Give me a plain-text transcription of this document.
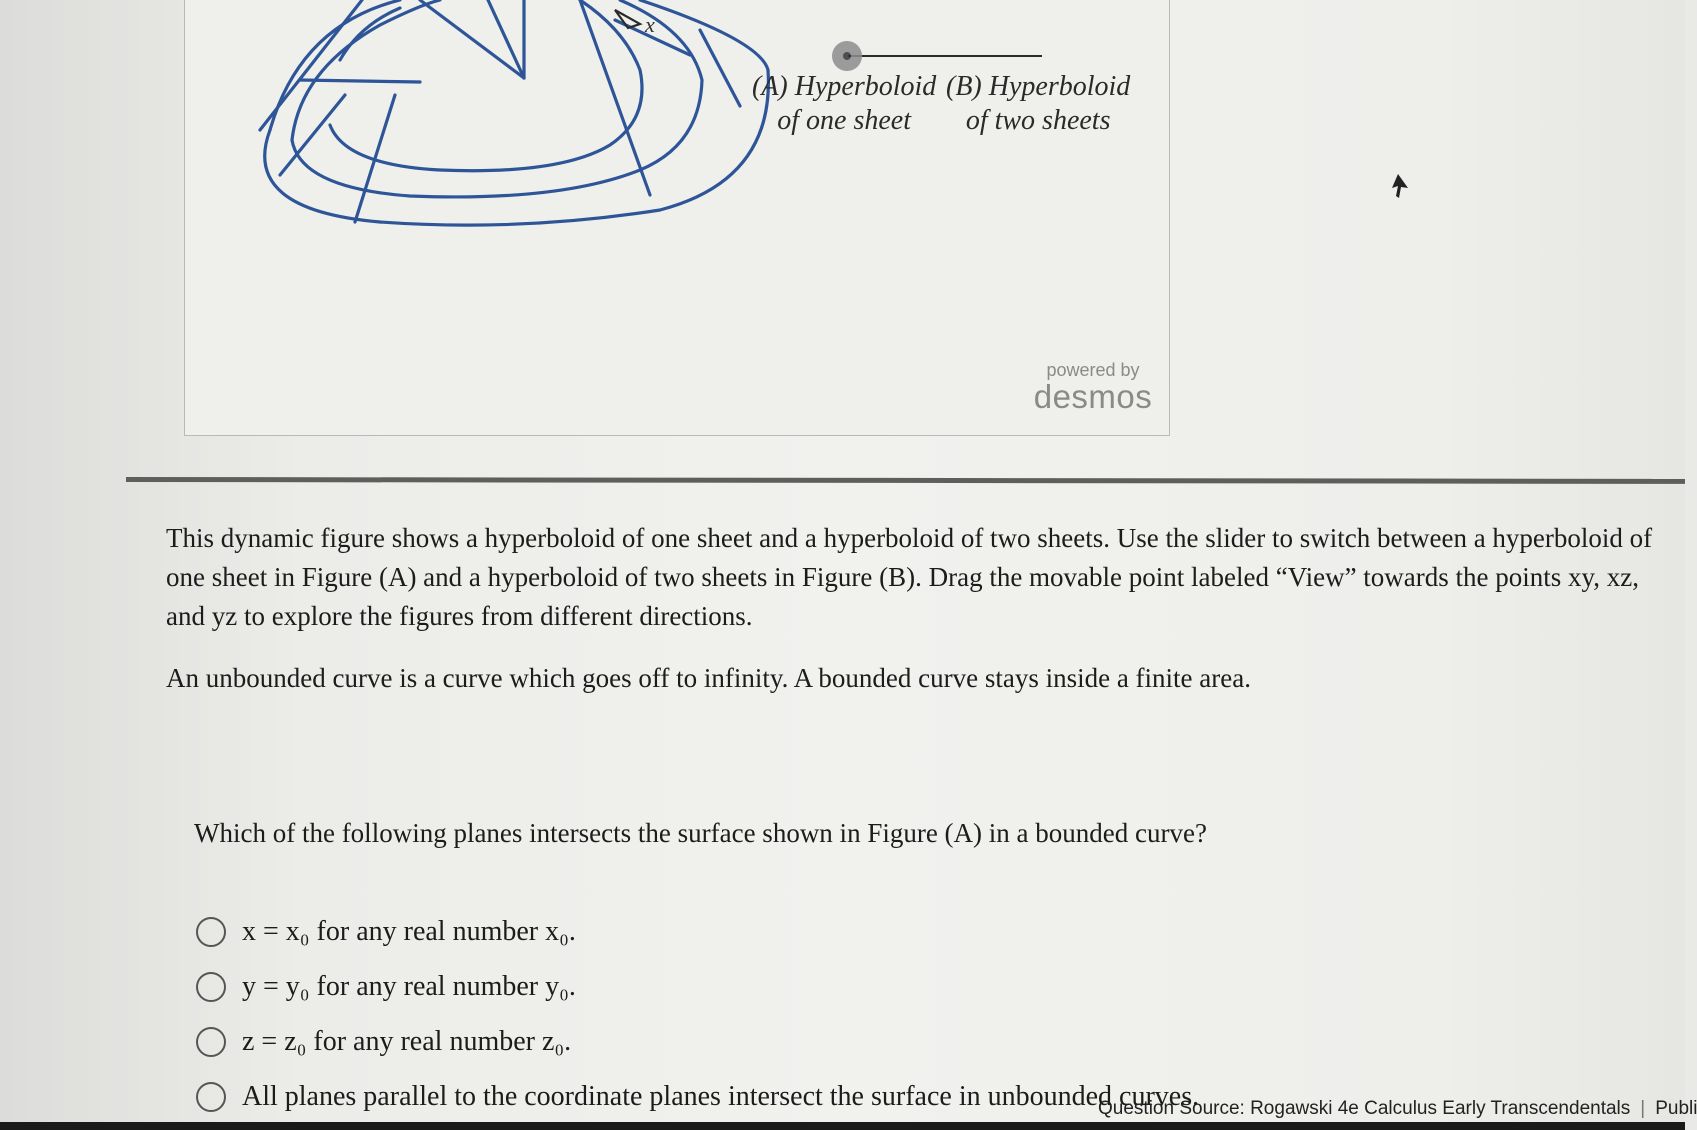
x
(A) Hyperboloid
of one sheet
(B) Hyperboloid
of two sheets
powered by
desmos

This dynamic figure shows a hyperboloid of one sheet and a hyperboloid of two sheets. Use the slider to switch between a hyperboloid of one sheet in Figure (A) and a hyperboloid of two sheets in Figure (B). Drag the movable point labeled “View” towards the points xy, xz, and yz to explore the figures from different directions.

An unbounded curve is a curve which goes off to infinity. A bounded curve stays inside a finite area.

Which of the following planes intersects the surface shown in Figure (A) in a bounded curve?
x = x₀ for any real number x₀.
y = y₀ for any real number y₀.
z = z₀ for any real number z₀.
All planes parallel to the coordinate planes intersect the surface in unbounded curves.
Question Source: Rogawski 4e Calculus Early Transcendentals | Publi
